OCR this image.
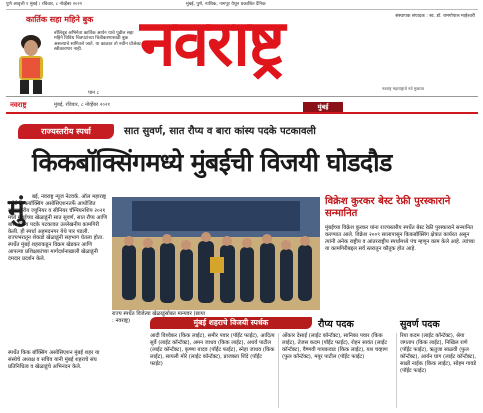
पुणे आवृत्ती १ मुंबई । रविवार, ८ नोव्हेंबर २०२१	मुंबई, पुणे, नाशिक, नागपूर येथून प्रकाशित दैनिक
कार्तिक सहा महिने बुक
बॉलिवूड अभिनेता कार्तिक आर्यन याचे पुढील सहा महिने विविध चित्रपटांच्या चित्रीकरणासाठी बुक असल्याचे सांगितले जाते. या काळात तो नवीन प्रोजेक्ट स्वीकारणार नाही.
पान ८
संस्थापक संपादक : स्व. डॉ. रामगोपाल माहेश्वरी
नवराष्ट्र
नवराष्ट्र महाराष्ट्राचे नवे मुखपत्र
नवराष्ट्र	मुंबई, रविवार, ८ नोव्हेंबर २०२१	मुंबई
राज्यस्तरीय स्पर्धा	सात सुवर्ण, सात रौप्य व बारा कांस्य पदके पटकावली
किकबॉक्सिंगमध्ये मुंबईची विजयी घोडदौड
मुं	बई, नवराष्ट्र न्यूज नेटवर्क. ऑल महाराष्ट्र स्पोर्ट किकबॉक्सिंग असोसिएशनतर्फे आयोजित राज्यस्तरीय ज्युनियर व सीनियर चॅम्पियनशिप २०२१ मध्ये मुंबईच्या खेळाडूंनी सात सुवर्ण, सात रौप्य आणि बारा कांस्य पदके पटकावत उल्लेखनीय कामगिरी केली. ही स्पर्धा अहमदनगर येथे पार पडली. राज्यभरातून शेकडो खेळाडूंनी सहभाग घेतला होता. स्पर्धेत मुंबई शहराकडून विक्रम खेडकर आणि आपल्या प्रशिक्षकांच्या मार्गदर्शनाखाली खेळाडूंनी दमदार प्रदर्शन केले.
स्पर्धेत किक बॉक्सिंग असोसिएशन मुंबई शहर या संस्थेचे अध्यक्ष व सचिव यांनी मुंबई शहराचे संघ प्रतिनिधित्व व खेळाडूंचे अभिनंदन केले.
राज्य स्पर्धेत विजेत्या खेळाडूंसोबत मान्यवर (छाया : नवराष्ट्र)
विक्रेश कुरकर बेस्ट रेफ्री पुरस्काराने सन्मानित
मुंबईच्या विक्रेश कुरकर यांना राज्यस्तरीय स्पर्धेत बेस्ट रेफ्री पुरस्काराने सन्मानित करण्यात आले. विक्रेश २००९ सालापासून किकबॉक्सिंग क्षेत्रात कार्यरत असून त्यांनी अनेक राष्ट्रीय व आंतरराष्ट्रीय स्पर्धांमध्ये पंच म्हणून काम केले आहे. त्यांच्या या कामगिरीबद्दल सर्व स्तरातून कौतुक होत आहे.
मुंबई शहराचे विजयी स्पर्धक	रौप्य पदक	सुवर्ण पदक
आदी विश्वेकर (किक लाईट), समीर पवार (पॉईंट फाईट), आदित्य सुर्वे (लाईट कॉन्टॅक्ट), अमन जाधव (किक लाईट), अथर्व पाटील (लाईट कॉन्टॅक्ट), कृष्णा यादव (पॉईंट फाईट), स्नेहा जाधव (किक लाईट), सायली मोरे (लाईट कॉन्टॅक्ट), प्राजक्ता शिंदे (पॉईंट फाईट)
ओंकार देसाई (लाईट कॉन्टॅक्ट), सानिका पवार (किक लाईट), तेजस कदम (पॉईंट फाईट), रोहन सावंत (लाईट कॉन्टॅक्ट), वैष्णवी गायकवाड (किक लाईट), यश चव्हाण (फुल कॉन्टॅक्ट), मयूर पाटील (पॉईंट फाईट)
रिया कदम (लाईट कॉन्टॅक्ट), श्रेया जगताप (किक लाईट), निखिल राणे (पॉईंट फाईट), ऋतुजा साळवी (फुल कॉन्टॅक्ट), आर्यन घाग (लाईट कॉन्टॅक्ट), साक्षी नाईक (किक लाईट), सोहम गावडे (पॉईंट फाईट)
